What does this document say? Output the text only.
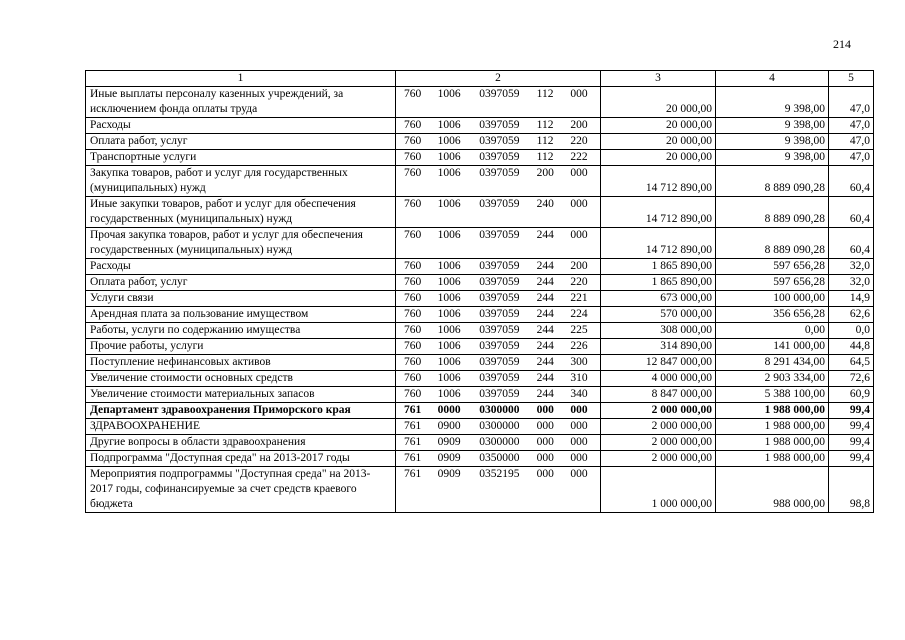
214
1	2	3	4	5
Иные выплаты персоналу казенных учреждений, за исключением фонда оплаты труда	760 1006 0397059 112 000	20 000,00	9 398,00	47,0
Расходы	760 1006 0397059 112 200	20 000,00	9 398,00	47,0
Оплата работ, услуг	760 1006 0397059 112 220	20 000,00	9 398,00	47,0
Транспортные услуги	760 1006 0397059 112 222	20 000,00	9 398,00	47,0
Закупка товаров, работ и услуг для государственных (муниципальных) нужд	760 1006 0397059 200 000	14 712 890,00	8 889 090,28	60,4
Иные закупки товаров, работ и услуг для обеспечения государственных (муниципальных) нужд	760 1006 0397059 240 000	14 712 890,00	8 889 090,28	60,4
Прочая закупка товаров, работ и услуг для обеспечения государственных (муниципальных) нужд	760 1006 0397059 244 000	14 712 890,00	8 889 090,28	60,4
Расходы	760 1006 0397059 244 200	1 865 890,00	597 656,28	32,0
Оплата работ, услуг	760 1006 0397059 244 220	1 865 890,00	597 656,28	32,0
Услуги связи	760 1006 0397059 244 221	673 000,00	100 000,00	14,9
Арендная плата за пользование имуществом	760 1006 0397059 244 224	570 000,00	356 656,28	62,6
Работы, услуги по содержанию имущества	760 1006 0397059 244 225	308 000,00	0,00	0,0
Прочие работы, услуги	760 1006 0397059 244 226	314 890,00	141 000,00	44,8
Поступление нефинансовых активов	760 1006 0397059 244 300	12 847 000,00	8 291 434,00	64,5
Увеличение стоимости основных средств	760 1006 0397059 244 310	4 000 000,00	2 903 334,00	72,6
Увеличение стоимости материальных запасов	760 1006 0397059 244 340	8 847 000,00	5 388 100,00	60,9
Департамент здравоохранения Приморского края	761 0000 0300000 000 000	2 000 000,00	1 988 000,00	99,4
ЗДРАВООХРАНЕНИЕ	761 0900 0300000 000 000	2 000 000,00	1 988 000,00	99,4
Другие вопросы в области здравоохранения	761 0909 0300000 000 000	2 000 000,00	1 988 000,00	99,4
Подпрограмма "Доступная среда" на 2013-2017 годы	761 0909 0350000 000 000	2 000 000,00	1 988 000,00	99,4
Мероприятия подпрограммы "Доступная среда" на 2013-2017 годы, софинансируемые за счет средств краевого бюджета	761 0909 0352195 000 000	1 000 000,00	988 000,00	98,8
